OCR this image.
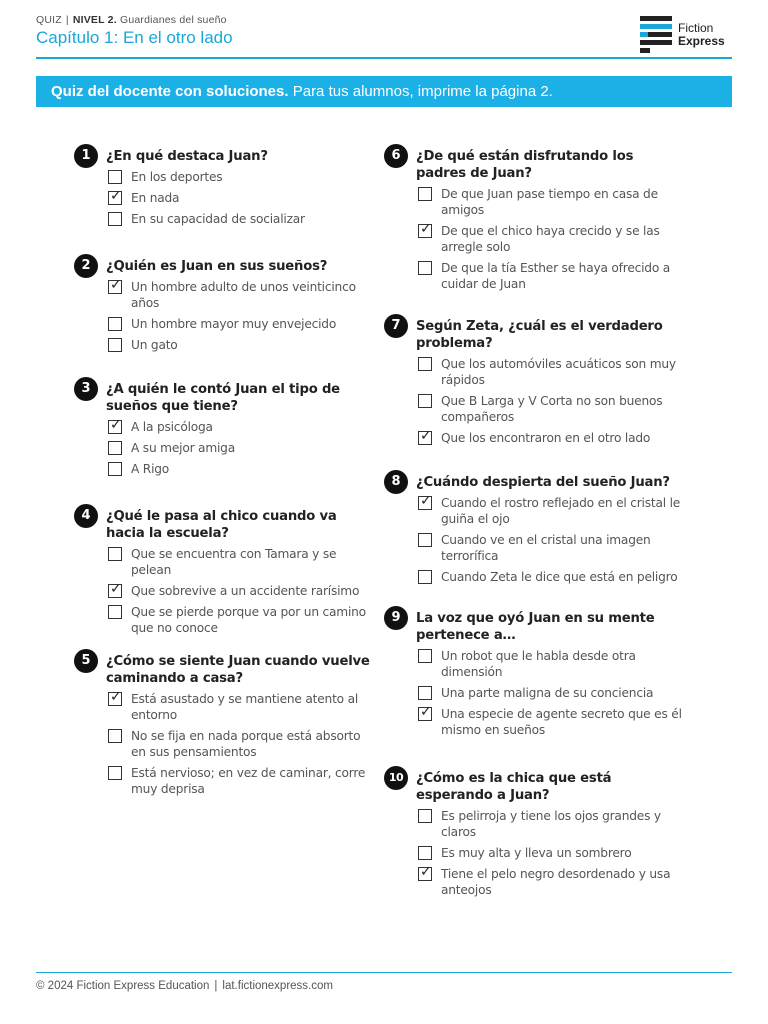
QUIZ | NIVEL 2. Guardianes del sueño
Capítulo 1: En el otro lado	Fiction
Express
Quiz del docente con soluciones. Para tus alumnos, imprime la página 2.
1	¿En qué destaca Juan?
En los deportes
✓ En nada
En su capacidad de socializar
2	¿Quién es Juan en sus sueños?
✓ Un hombre adulto de unos veinticinco años
Un hombre mayor muy envejecido
Un gato
3	¿A quién le contó Juan el tipo de sueños que tiene?
✓ A la psicóloga
A su mejor amiga
A Rigo
4	¿Qué le pasa al chico cuando va hacia la escuela?
Que se encuentra con Tamara y se pelean
✓ Que sobrevive a un accidente rarísimo
Que se pierde porque va por un camino que no conoce
5	¿Cómo se siente Juan cuando vuelve caminando a casa?
✓ Está asustado y se mantiene atento al entorno
No se fija en nada porque está absorto en sus pensamientos
Está nervioso; en vez de caminar, corre muy deprisa
6	¿De qué están disfrutando los padres de Juan?
De que Juan pase tiempo en casa de amigos
✓ De que el chico haya crecido y se las arregle solo
De que la tía Esther se haya ofrecido a cuidar de Juan
7	Según Zeta, ¿cuál es el verdadero problema?
Que los automóviles acuáticos son muy rápidos
Que B Larga y V Corta no son buenos compañeros
✓ Que los encontraron en el otro lado
8	¿Cuándo despierta del sueño Juan?
✓ Cuando el rostro reflejado en el cristal le guiña el ojo
Cuando ve en el cristal una imagen terrorífica
Cuando Zeta le dice que está en peligro
9	La voz que oyó Juan en su mente pertenece a…
Un robot que le habla desde otra dimensión
Una parte maligna de su conciencia
✓ Una especie de agente secreto que es él mismo en sueños
10 ¿Cómo es la chica que está esperando a Juan?
Es pelirroja y tiene los ojos grandes y claros
Es muy alta y lleva un sombrero
✓ Tiene el pelo negro desordenado y usa anteojos
© 2024 Fiction Express Education | lat.fictionexpress.com
